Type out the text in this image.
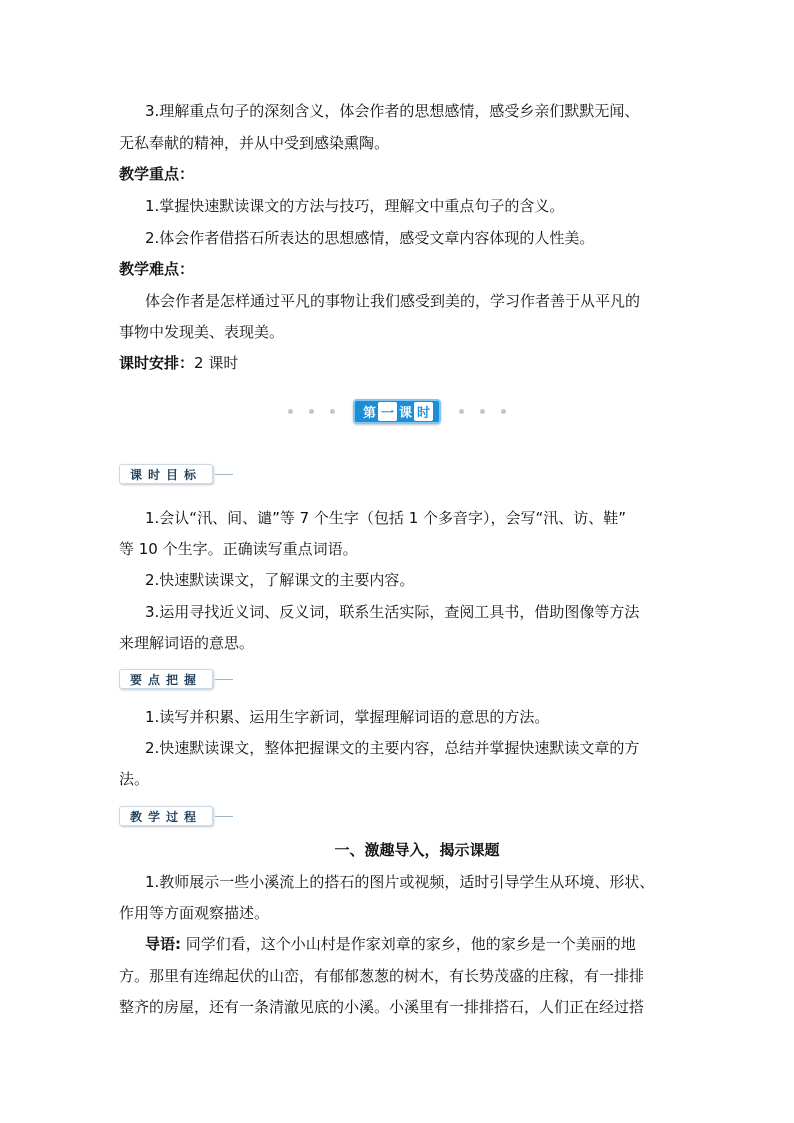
3.理解重点句子的深刻含义，体会作者的思想感情，感受乡亲们默默无闻、
无私奉献的精神，并从中受到感染熏陶。
教学重点：
1.掌握快速默读课文的方法与技巧，理解文中重点句子的含义。
2.体会作者借搭石所表达的思想感情，感受文章内容体现的人性美。
教学难点：
体会作者是怎样通过平凡的事物让我们感受到美的，学习作者善于从平凡的
事物中发现美、表现美。
课时安排：2 课时
第 一 课 时
课时目标
1.会认“汛、间、谴”等 7 个生字（包括 1 个多音字），会写“汛、访、鞋”
等 10 个生字。正确读写重点词语。
2.快速默读课文，了解课文的主要内容。
3.运用寻找近义词、反义词，联系生活实际，查阅工具书，借助图像等方法
来理解词语的意思。
要点把握
1.读写并积累、运用生字新词，掌握理解词语的意思的方法。
2.快速默读课文，整体把握课文的主要内容，总结并掌握快速默读文章的方
法。
教学过程
一、激趣导入，揭示课题
1.教师展示一些小溪流上的搭石的图片或视频，适时引导学生从环境、形状、
作用等方面观察描述。
导语: 同学们看，这个小山村是作家刘章的家乡，他的家乡是一个美丽的地
方。那里有连绵起伏的山峦，有郁郁葱葱的树木，有长势茂盛的庄稼，有一排排
整齐的房屋，还有一条清澈见底的小溪。小溪里有一排排搭石，人们正在经过搭
